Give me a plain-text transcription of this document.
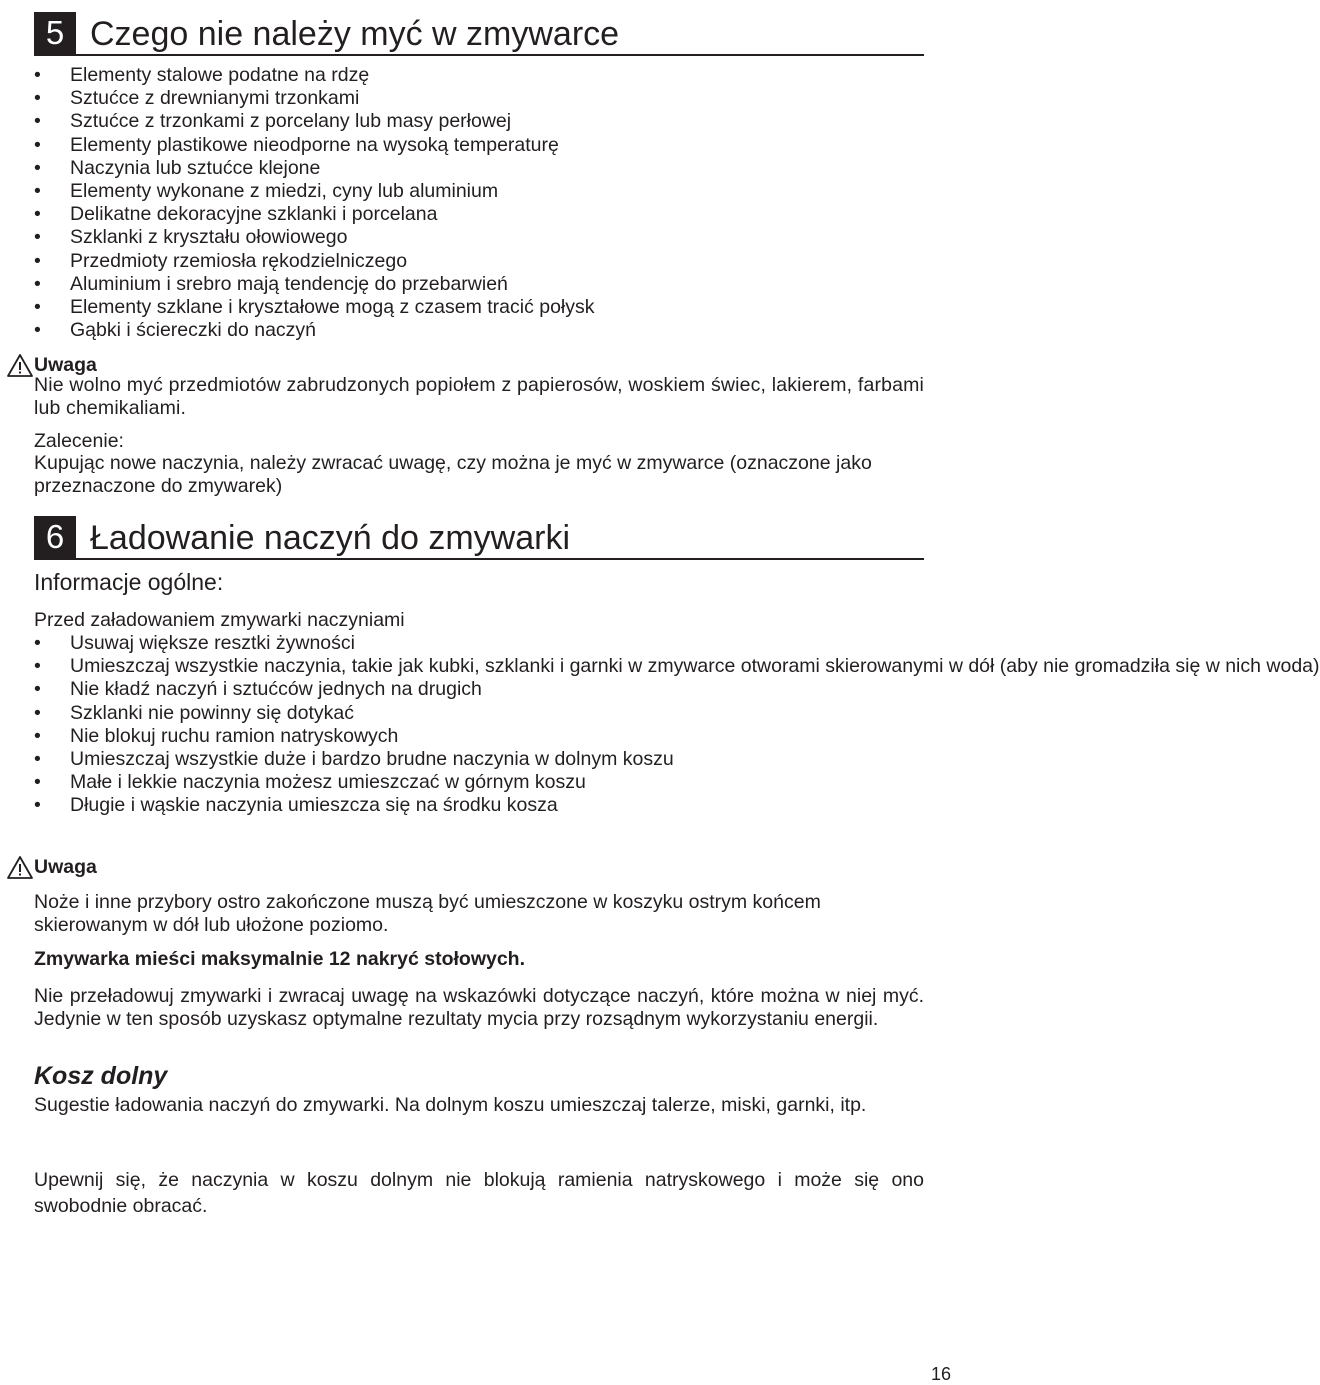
5 Czego nie należy myć w zmywarce
• Elementy stalowe podatne na rdzę
• Sztućce z drewnianymi trzonkami
• Sztućce z trzonkami z porcelany lub masy perłowej
• Elementy plastikowe nieodporne na wysoką temperaturę
• Naczynia lub sztućce klejone
• Elementy wykonane z miedzi, cyny lub aluminium
• Delikatne dekoracyjne szklanki i porcelana
• Szklanki z kryształu ołowiowego
• Przedmioty rzemiosła rękodzielniczego
• Aluminium i srebro mają tendencję do przebarwień
• Elementy szklane i kryształowe mogą z czasem tracić połysk
• Gąbki i ściereczki do naczyń
Uwaga

Nie wolno myć przedmiotów zabrudzonych popiołem z papierosów, woskiem świec, lakierem, farbami lub chemikaliami.

Zalecenie:

Kupując nowe naczynia, należy zwracać uwagę, czy można je myć w zmywarce (oznaczone jako przeznaczone do zmywarek)

6 Ładowanie naczyń do zmywarki
Informacje ogólne:

Przed załadowaniem zmywarki naczyniami

• Usuwaj większe resztki żywności
• Umieszczaj wszystkie naczynia, takie jak kubki, szklanki i garnki w zmywarce otworami skierowanymi w dół (aby nie gromadziła się w nich woda)
• Nie kładź naczyń i sztućców jednych na drugich
• Szklanki nie powinny się dotykać
• Nie blokuj ruchu ramion natryskowych
• Umieszczaj wszystkie duże i bardzo brudne naczynia w dolnym koszu
• Małe i lekkie naczynia możesz umieszczać w górnym koszu
• Długie i wąskie naczynia umieszcza się na środku kosza
Uwaga

Noże i inne przybory ostro zakończone muszą być umieszczone w koszyku ostrym końcem skierowanym w dół lub ułożone poziomo.

Zmywarka mieści maksymalnie 12 nakryć stołowych.

Nie przeładowuj zmywarki i zwracaj uwagę na wskazówki dotyczące naczyń, które można w niej myć. Jedynie w ten sposób uzyskasz optymalne rezultaty mycia przy rozsądnym wykorzystaniu energii.

Kosz dolny

Sugestie ładowania naczyń do zmywarki. Na dolnym koszu umieszczaj talerze, miski, garnki, itp.

Upewnij się, że naczynia w koszu dolnym nie blokują ramienia natryskowego i może się ono swobodnie obracać.

16
